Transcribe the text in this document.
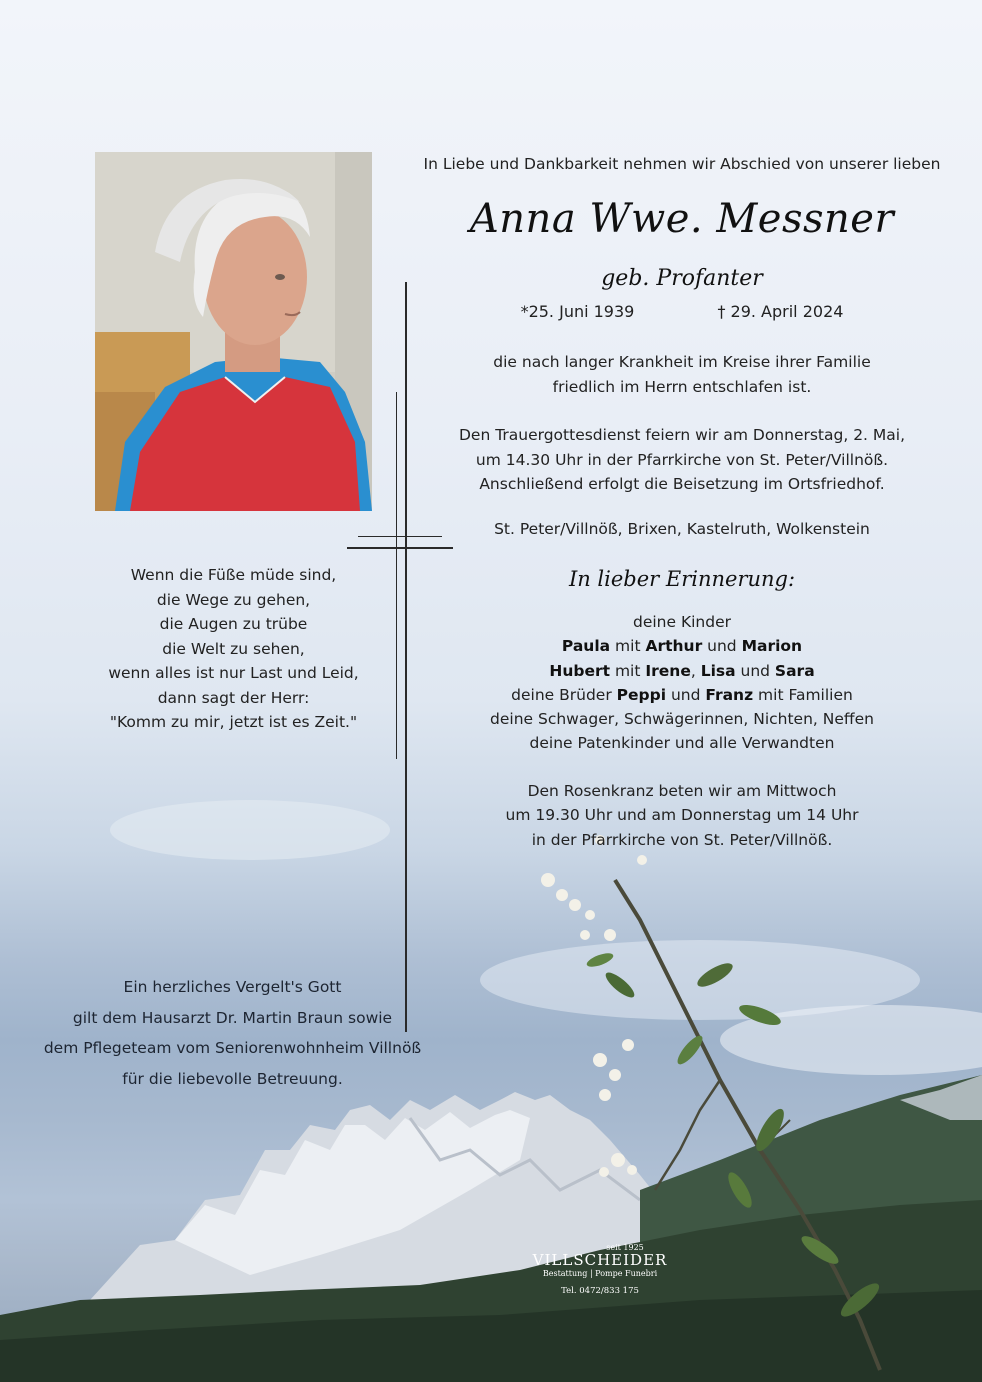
In Liebe und Dankbarkeit nehmen wir Abschied von unserer lieben
Anna Wwe. Messner
geb. Profanter
*25. Juni 1939	† 29. April 2024
die nach langer Krankheit im Kreise ihrer Familie
friedlich im Herrn entschlafen ist.
Den Trauergottesdienst feiern wir am Donnerstag, 2. Mai,
um 14.30 Uhr in der Pfarrkirche von St. Peter/Villnöß.
Anschließend erfolgt die Beisetzung im Ortsfriedhof.
St. Peter/Villnöß, Brixen, Kastelruth, Wolkenstein
In lieber Erinnerung:
deine Kinder
Paula mit Arthur und Marion
Hubert mit Irene, Lisa und Sara
deine Brüder Peppi und Franz mit Familien
deine Schwager, Schwägerinnen, Nichten, Neffen
deine Patenkinder und alle Verwandten
Den Rosenkranz beten wir am Mittwoch
um 19.30 Uhr und am Donnerstag um 14 Uhr
in der Pfarrkirche von St. Peter/Villnöß.
Wenn die Füße müde sind,
die Wege zu gehen,
die Augen zu trübe
die Welt zu sehen,
wenn alles ist nur Last und Leid,
dann sagt der Herr:
"Komm zu mir, jetzt ist es Zeit."
Ein herzliches Vergelt's Gott
gilt dem Hausarzt Dr. Martin Braun sowie
dem Pflegeteam vom Seniorenwohnheim Villnöß
für die liebevolle Betreuung.
seit 1925
VILLSCHEIDER
Bestattung | Pompe Funebri
Tel. 0472/833 175
